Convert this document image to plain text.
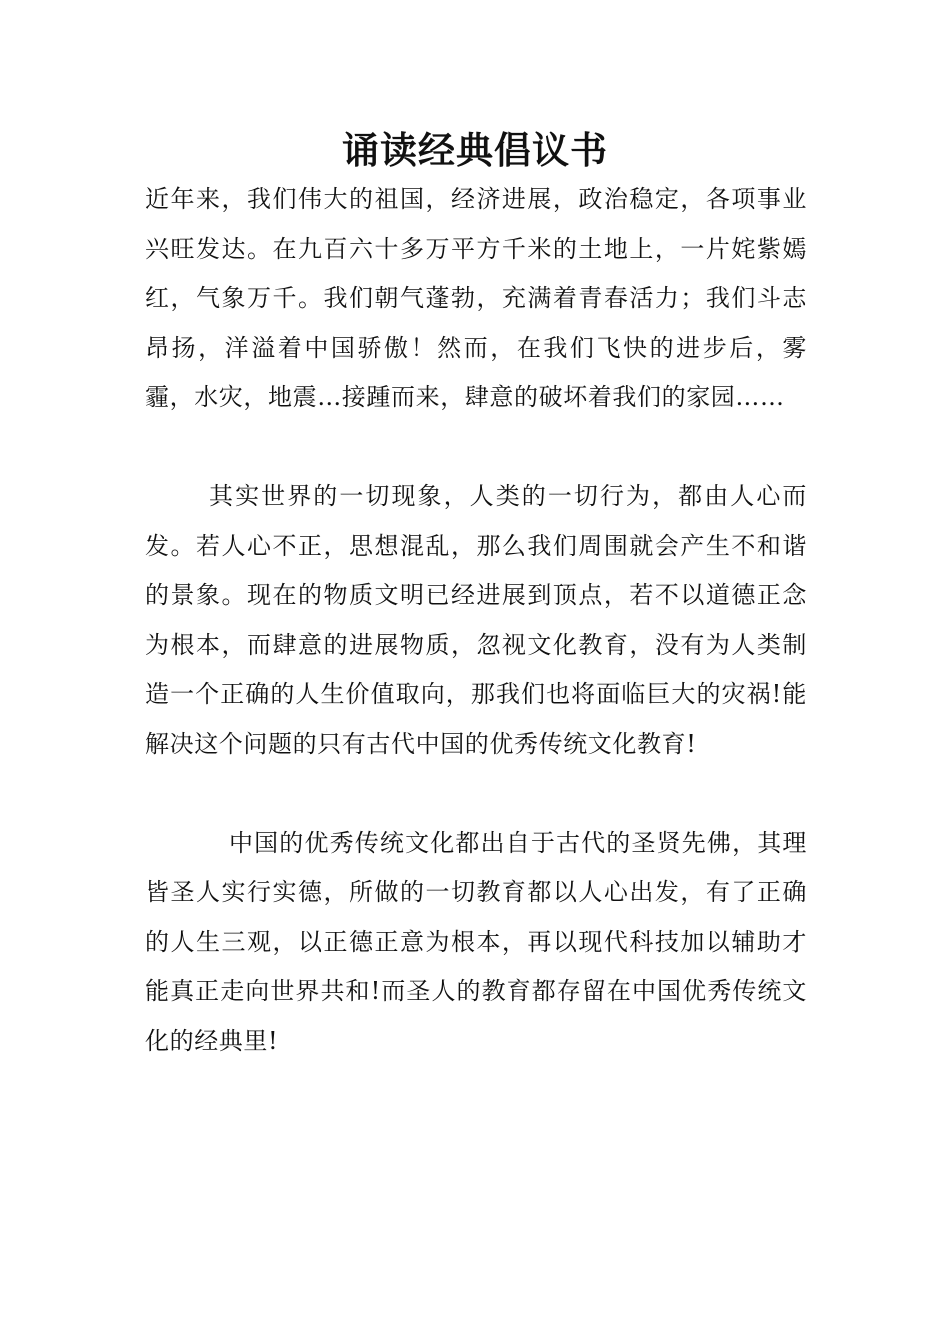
诵读经典倡议书

近年来，我们伟大的祖国，经济进展，政治稳定，各项事业兴旺发达。在九百六十多万平方千米的土地上，一片姹紫嫣红，气象万千。我们朝气蓬勃，充满着青春活力；我们斗志昂扬，洋溢着中国骄傲！然而，在我们飞快的进步后，雾霾，水灾，地震…接踵而来，肆意的破坏着我们的家园……

其实世界的一切现象，人类的一切行为，都由人心而发。若人心不正，思想混乱，那么我们周围就会产生不和谐的景象。现在的物质文明已经进展到顶点，若不以道德正念为根本，而肆意的进展物质，忽视文化教育，没有为人类制造一个正确的人生价值取向，那我们也将面临巨大的灾祸!能解决这个问题的只有古代中国的优秀传统文化教育!

中国的优秀传统文化都出自于古代的圣贤先佛，其理皆圣人实行实德，所做的一切教育都以人心出发，有了正确的人生三观，以正德正意为根本，再以现代科技加以辅助才能真正走向世界共和!而圣人的教育都存留在中国优秀传统文化的经典里!
